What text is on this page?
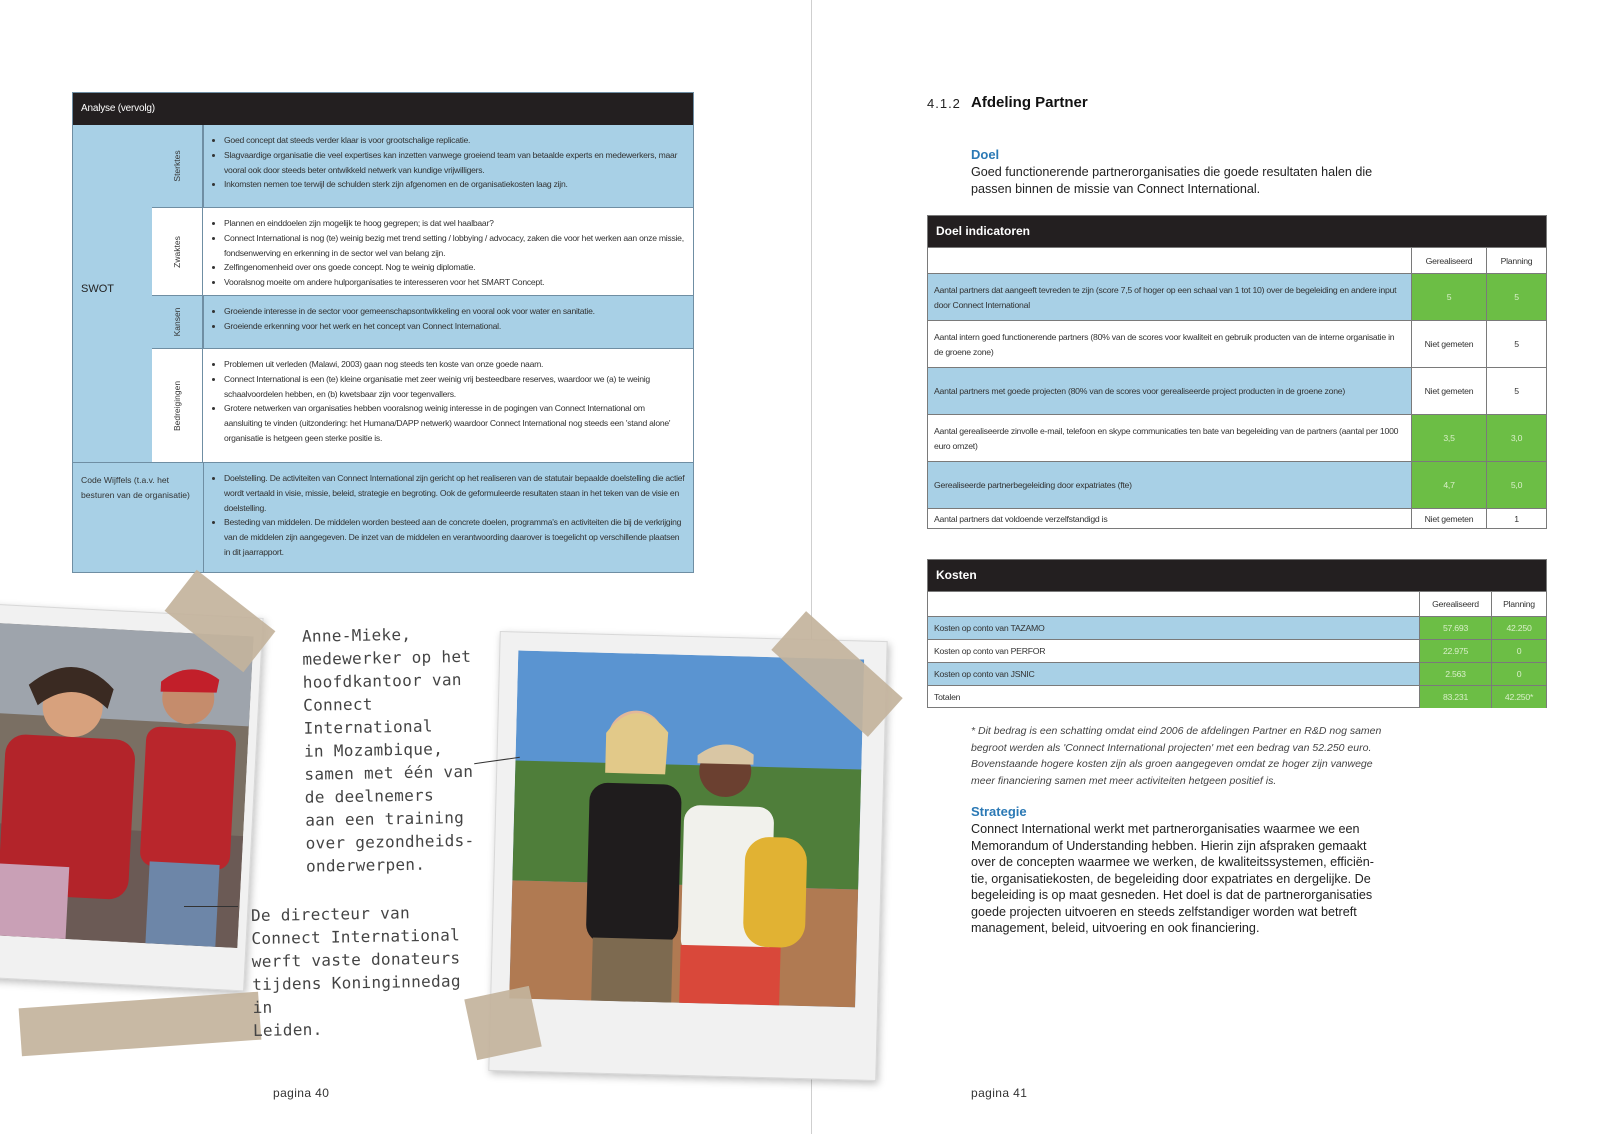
Analyse (vervolg)
SWOT
Sterktes
• Goed concept dat steeds verder klaar is voor grootschalige replicatie.
• Slagvaardige organisatie die veel expertises kan inzetten vanwege groeiend team van betaalde experts en medewerkers, maar vooral ook door steeds beter ontwikkeld netwerk van kundige vrijwilligers.
• Inkomsten nemen toe terwijl de schulden sterk zijn afgenomen en de organisatiekosten laag zijn.
Zwaktes
• Plannen en einddoelen zijn mogelijk te hoog gegrepen; is dat wel haalbaar?
• Connect International is nog (te) weinig bezig met trend setting / lobbying / advocacy, zaken die voor het werken aan onze missie, fondsenwerving en erkenning in de sector wel van belang zijn.
• Zelfingenomenheid over ons goede concept. Nog te weinig diplomatie.
• Vooralsnog moeite om andere hulporganisaties te interesseren voor het SMART Concept.
Kansen
•	Groeiende interesse in de sector voor gemeenschapsontwikkeling en vooral ook voor water en sanitatie.
• Groeiende erkenning voor het werk en het concept van Connect International.
Bedreigingen
• Problemen uit verleden (Malawi, 2003) gaan nog steeds ten koste van onze goede naam.
• Connect International is een (te) kleine organisatie met zeer weinig vrij besteedbare reserves, waardoor we (a) te weinig schaalvoordelen hebben, en (b) kwetsbaar zijn voor tegenvallers.
• Grotere netwerken van organisaties hebben vooralsnog weinig interesse in de pogingen van Connect International om aansluiting te vinden (uitzondering: het Humana/DAPP netwerk) waardoor Connect International nog steeds een 'stand alone' organisatie is hetgeen geen sterke positie is.
Code Wijffels (t.a.v. het besturen van de organisatie)
• Doelstelling. De activiteiten van Connect International zijn gericht op het realiseren van de statutair bepaalde doelstelling die actief wordt vertaald in visie, missie, beleid, strategie en begroting. Ook de geformuleerde resultaten staan in het teken van de visie en doelstelling.
• Besteding van middelen. De middelen worden besteed aan de concrete doelen, programma's en activiteiten die bij de verkrijging van de middelen zijn aangegeven. De inzet van de middelen en verantwoording daarover is toegelicht op verschillende plaatsen in dit jaarrapport.
Anne-Mieke,
medewerker op het
hoofdkantoor van
Connect International
in Mozambique,
samen met één van
de deelnemers
aan een training
over gezondheids-
onderwerpen.
De directeur van
Connect International
werft vaste donateurs
tijdens Koninginnedag in
Leiden.
pagina 40
4.1.2 Afdeling Partner
Doel
Goed functionerende partnerorganisaties die goede resultaten halen die passen binnen de missie van Connect International.
Doel indicatoren
Gerealiseerd	Planning
Aantal partners dat aangeeft tevreden te zijn (score 7,5 of hoger op een schaal van 1 tot 10) over de begeleiding en andere input door Connect International
5	5
Aantal intern goed functionerende partners (80% van de scores voor kwaliteit en gebruik producten van de interne organisatie in de groene zone)
Niet gemeten	5
Aantal partners met goede projecten (80% van de scores voor gerealiseerde project producten in de groene zone)	Niet gemeten	5
Aantal gerealiseerde zinvolle e-mail, telefoon en skype communicaties ten bate van begeleiding van de partners (aantal per 1000 euro omzet)
3,5	3,0
Gerealiseerde partnerbegeleiding door expatriates (fte)	4,7	5,0
Aantal partners dat voldoende verzelfstandigd is	Niet gemeten	1
Kosten
Gerealiseerd	Planning
Kosten op conto van TAZAMO	57.693	42.250
Kosten op conto van PERFOR	22.975	0
Kosten op conto van JSNIC	2.563	0
Totalen	83.231	42.250*
* Dit bedrag is een schatting omdat eind 2006 de afdelingen Partner en R&D nog samen begroot werden als 'Connect International projecten' met een bedrag van 52.250 euro. Bovenstaande hogere kosten zijn als groen aangegeven omdat ze hoger zijn vanwege meer financiering samen met meer activiteiten hetgeen positief is.
Strategie
Connect International werkt met partnerorganisaties waarmee we een Memorandum of Understanding hebben. Hierin zijn afspraken gemaakt over de concepten waarmee we werken, de kwaliteitssystemen, efficiën-tie, organisatiekosten, de begeleiding door expatriates en dergelijke. De begeleiding is op maat gesneden. Het doel is dat de partnerorganisaties goede projecten uitvoeren en steeds zelfstandiger worden wat betreft management, beleid, uitvoering en ook financiering.
pagina 41
